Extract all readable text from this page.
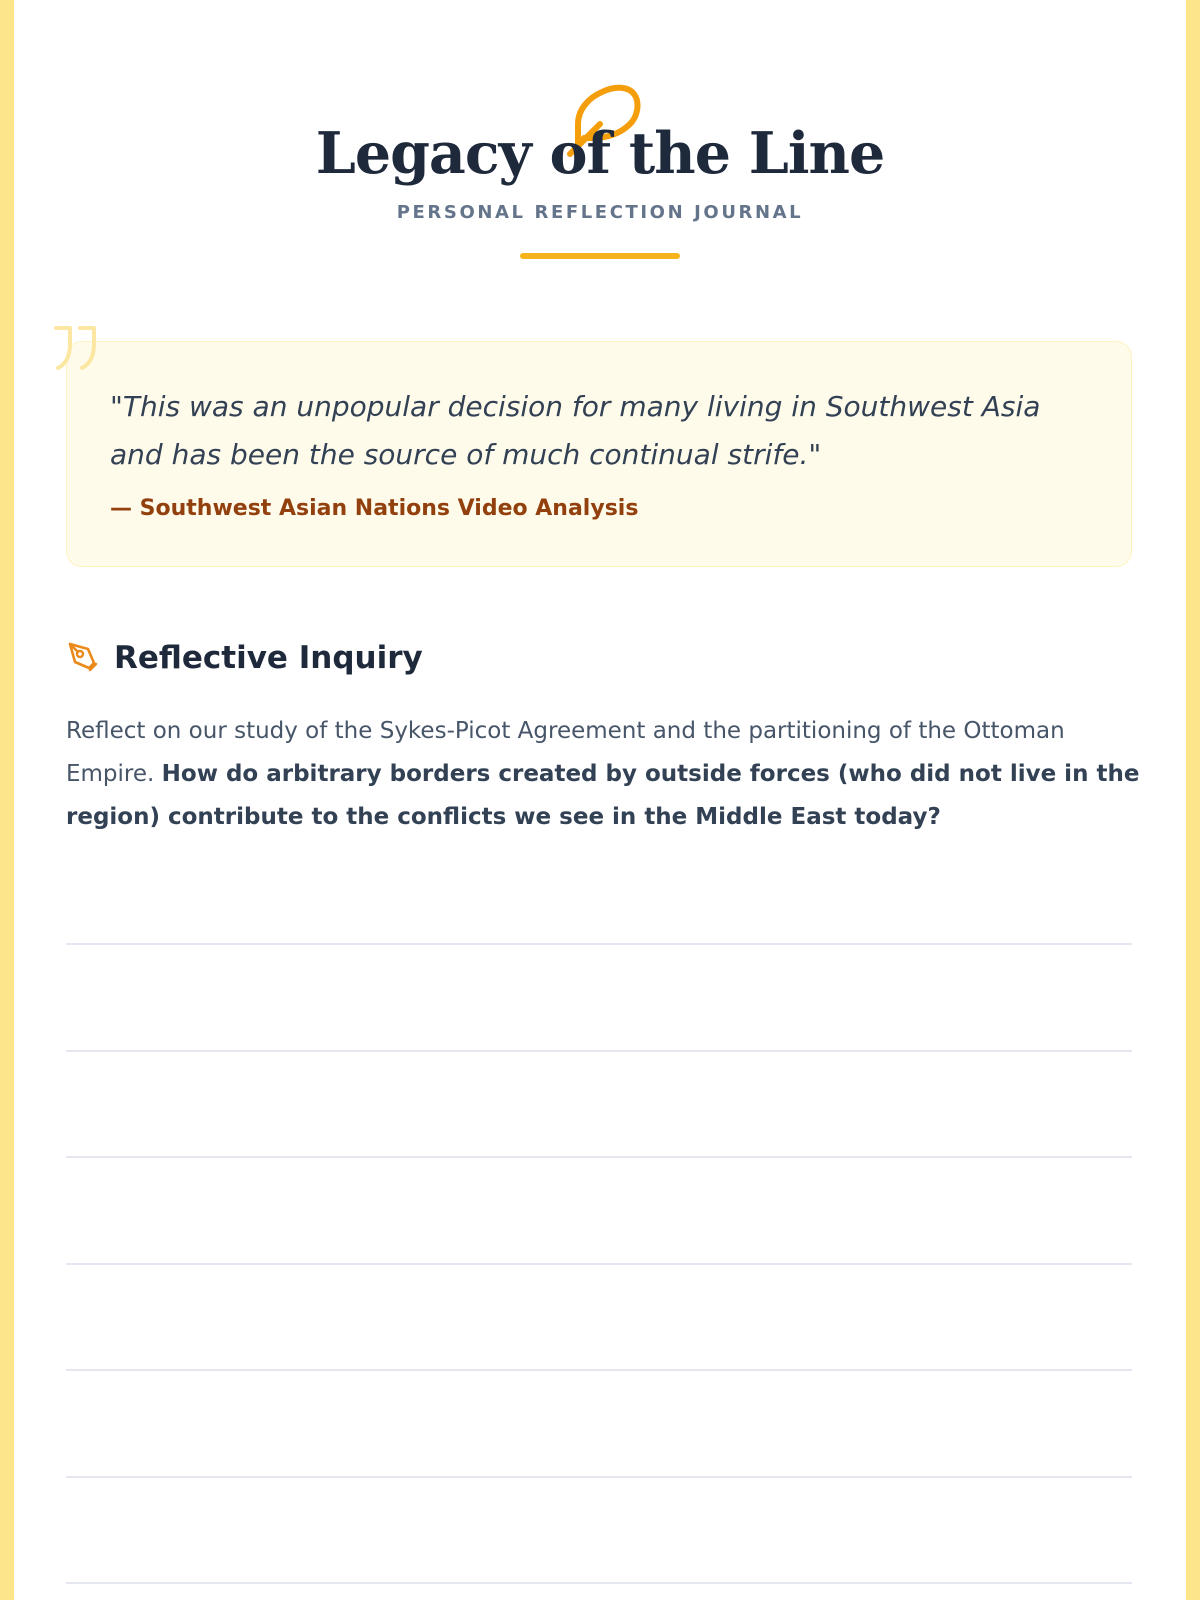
Legacy of the Line
PERSONAL REFLECTION JOURNAL

"This was an unpopular decision for many living in Southwest Asia and has been the source of much continual strife."

— Southwest Asian Nations Video Analysis
Reflective Inquiry

Reflect on our study of the Sykes-Picot Agreement and the partitioning of the Ottoman Empire. How do arbitrary borders created by outside forces (who did not live in the region) contribute to the conflicts we see in the Middle East today?
